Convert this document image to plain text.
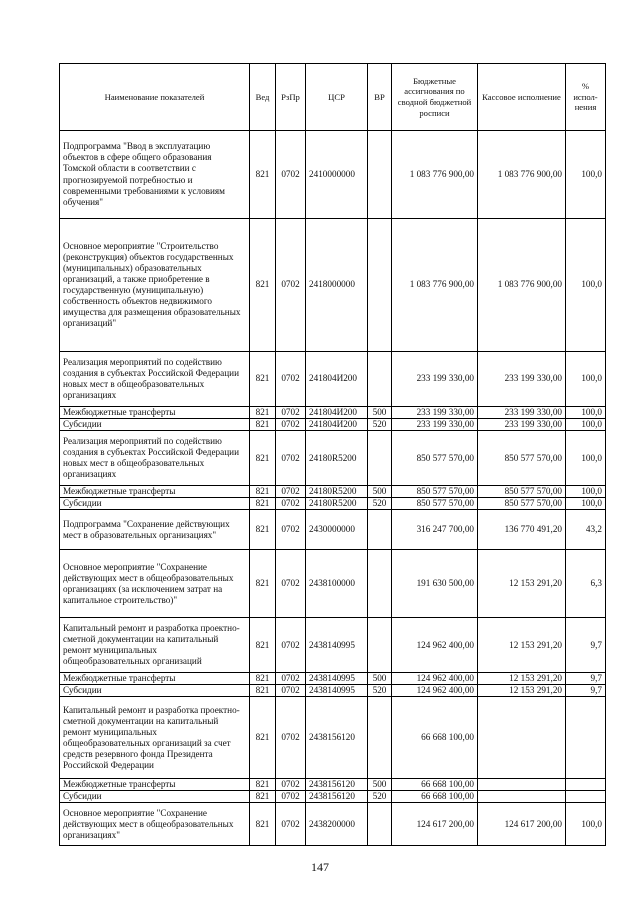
Наименование показателей	Вед	РзПр	ЦСР	ВР	Бюджетные ассигнования по сводной бюджетной росписи	Кассовое исполнение	% испол-нения
Подпрограмма "Ввод в эксплуатацию объектов в сфере общего образования Томской области в соответствии с прогнозируемой потребностью и современными требованиями к условиям обучения"	821	0702	2410000000		1 083 776 900,00	1 083 776 900,00	100,0
Основное мероприятие "Строительство (реконструкция) объектов государственных (муниципальных) образовательных организаций, а также приобретение в государственную (муниципальную) собственность объектов недвижимого имущества для размещения образовательных организаций"	821	0702	2418000000		1 083 776 900,00	1 083 776 900,00	100,0
Реализация мероприятий по содействию создания в субъектах Российской Федерации новых мест в общеобразовательных организациях	821	0702	241804И200		233 199 330,00	233 199 330,00	100,0
Межбюджетные трансферты	821	0702	241804И200	500	233 199 330,00	233 199 330,00	100,0
Субсидии	821	0702	241804И200	520	233 199 330,00	233 199 330,00	100,0
Реализация мероприятий по содействию создания в субъектах Российской Федерации новых мест в общеобразовательных организациях	821	0702	24180R5200		850 577 570,00	850 577 570,00	100,0
Межбюджетные трансферты	821	0702	24180R5200	500	850 577 570,00	850 577 570,00	100,0
Субсидии	821	0702	24180R5200	520	850 577 570,00	850 577 570,00	100,0
Подпрограмма "Сохранение действующих мест в образовательных организациях"	821	0702	2430000000		316 247 700,00	136 770 491,20	43,2
Основное мероприятие "Сохранение действующих мест в общеобразовательных организациях (за исключением затрат на капитальное строительство)"	821	0702	2438100000		191 630 500,00	12 153 291,20	6,3
Капитальный ремонт и разработка проектно-сметной документации на капитальный ремонт муниципальных общеобразовательных организаций	821	0702	2438140995		124 962 400,00	12 153 291,20	9,7
Межбюджетные трансферты	821	0702	2438140995	500	124 962 400,00	12 153 291,20	9,7
Субсидии	821	0702	2438140995	520	124 962 400,00	12 153 291,20	9,7
Капитальный ремонт и разработка проектно-сметной документации на капитальный ремонт муниципальных общеобразовательных организаций за счет средств резервного фонда Президента Российской Федерации	821	0702	2438156120		66 668 100,00		
Межбюджетные трансферты	821	0702	2438156120	500	66 668 100,00		
Субсидии	821	0702	2438156120	520	66 668 100,00		
Основное мероприятие "Сохранение действующих мест в общеобразовательных организациях"	821	0702	2438200000		124 617 200,00	124 617 200,00	100,0
147
